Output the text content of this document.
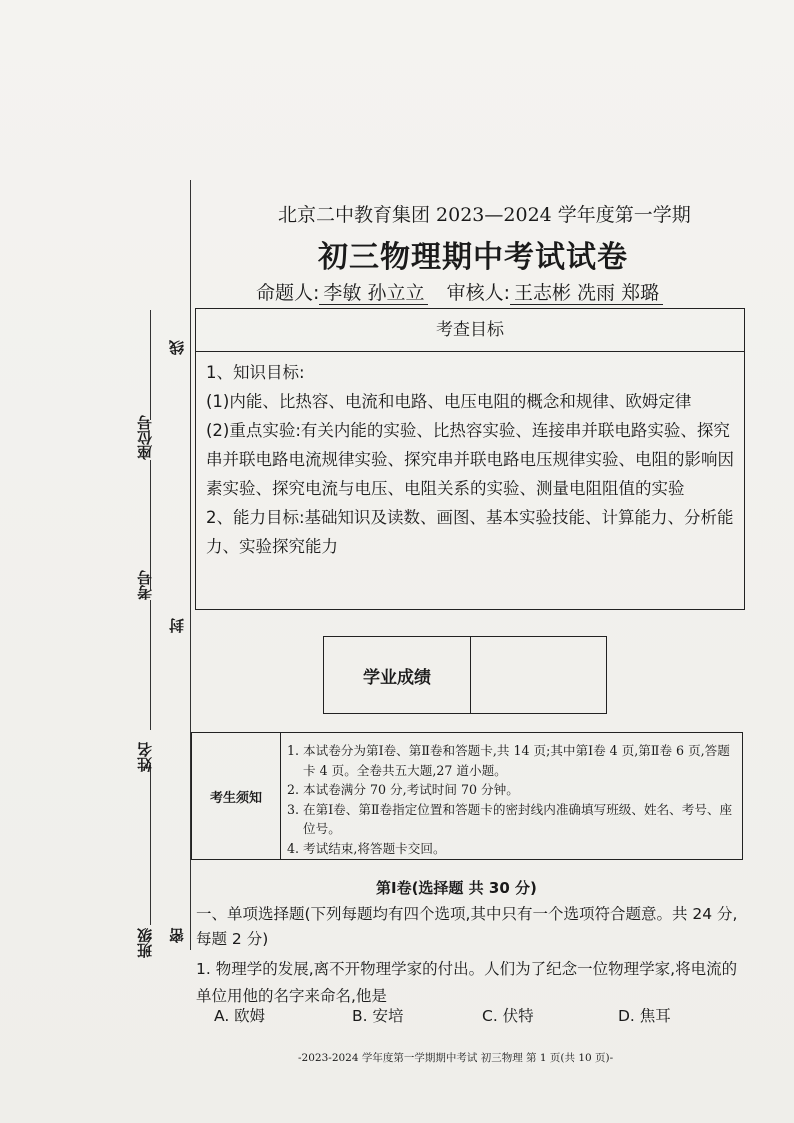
座位号
考号
姓名
班级
线
封
密
北京二中教育集团 2023—2024 学年度第一学期
初三物理期中考试试卷
命题人: 李敏 孙立立 审核人: 王志彬 冼雨 郑璐
考查目标
1、知识目标:
(1)内能、比热容、电流和电路、电压电阻的概念和规律、欧姆定律
(2)重点实验:有关内能的实验、比热容实验、连接串并联电路实验、探究串并联电路电流规律实验、探究串并联电路电压规律实验、电阻的影响因素实验、探究电流与电压、电阻关系的实验、测量电阻阻值的实验
2、能力目标:基础知识及读数、画图、基本实验技能、计算能力、分析能力、实验探究能力
学业成绩
考生须知
1. 本试卷分为第Ⅰ卷、第Ⅱ卷和答题卡,共 14 页;其中第Ⅰ卷 4 页,第Ⅱ卷 6 页,答题卡 4 页。全卷共五大题,27 道小题。
2. 本试卷满分 70 分,考试时间 70 分钟。
3. 在第Ⅰ卷、第Ⅱ卷指定位置和答题卡的密封线内准确填写班级、姓名、考号、座位号。
4. 考试结束,将答题卡交回。
第Ⅰ卷(选择题 共 30 分)
一、单项选择题(下列每题均有四个选项,其中只有一个选项符合题意。共 24 分,每题 2 分)
1. 物理学的发展,离不开物理学家的付出。人们为了纪念一位物理学家,将电流的单位用他的名字来命名,他是
A. 欧姆	B. 安培	C. 伏特	D. 焦耳
-2023-2024 学年度第一学期期中考试 初三物理 第 1 页(共 10 页)-
